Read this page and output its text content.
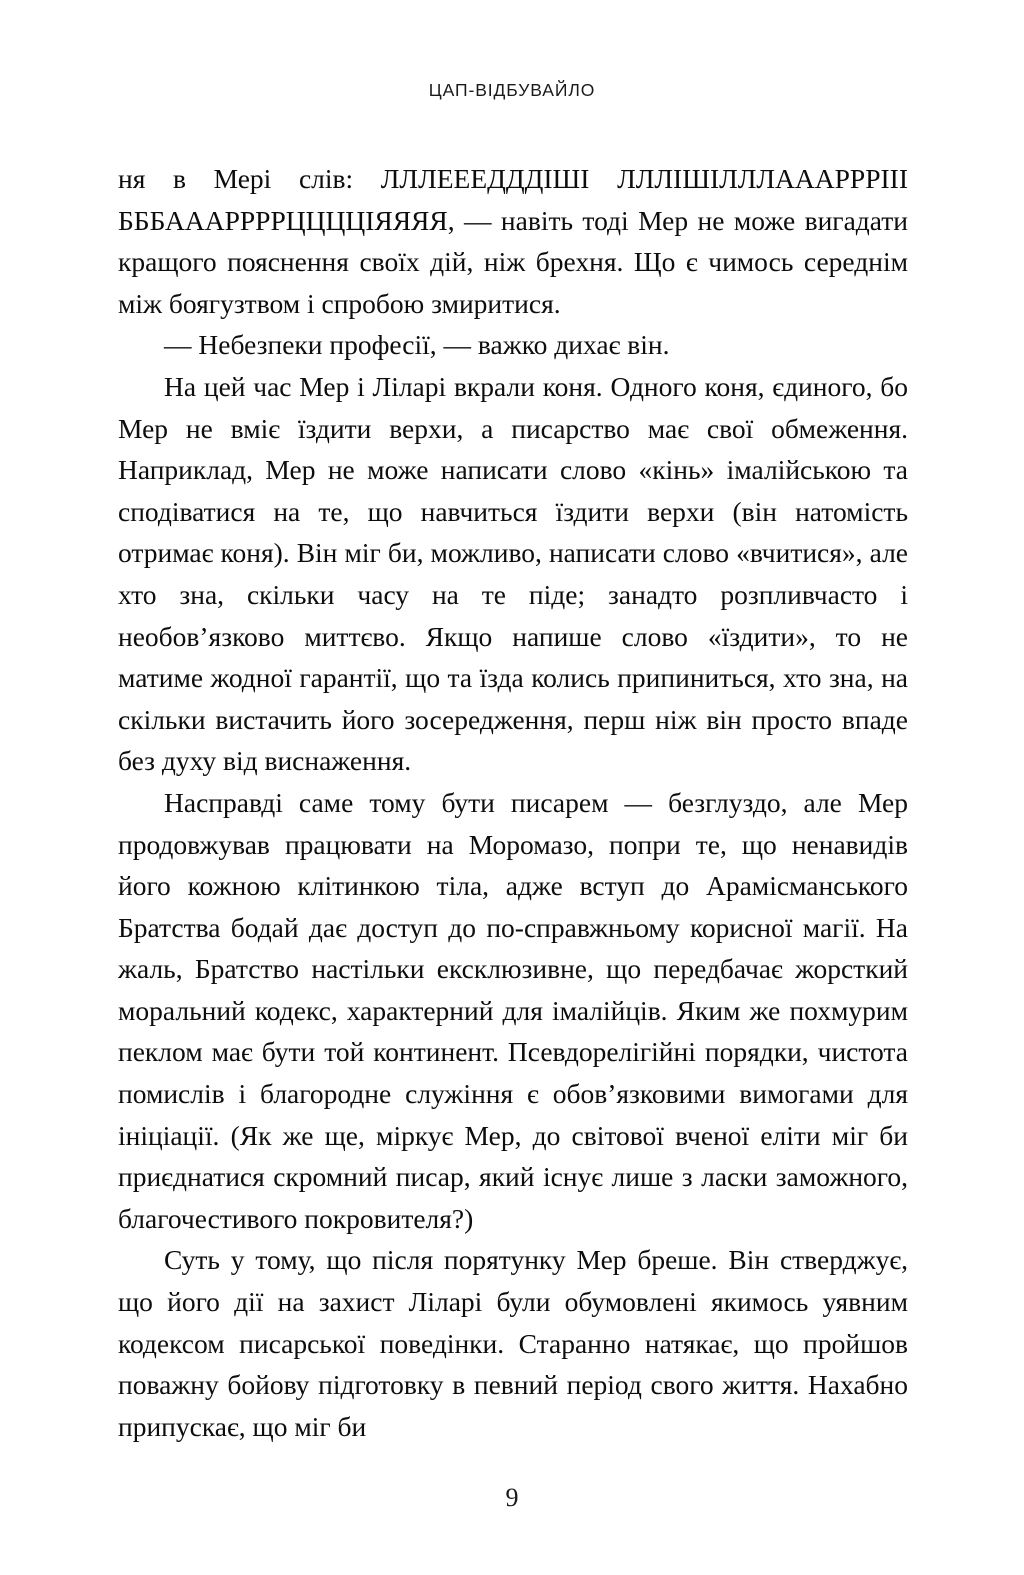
ЦАП-ВІДБУВАЙЛО

ня в Мері слів: ЛЛЛЕЕЕДДДІШІ ЛЛЛІШІЛЛЛАААРРРІІІ БББАААРРРРЦЦЦЦІЯЯЯЯ, — навіть тоді Мер не може вигадати кращого пояснення своїх дій, ніж брехня. Що є чимось середнім між боягузтвом і спробою змиритися.

— Небезпеки професії, — важко дихає він.

На цей час Мер і Ліларі вкрали коня. Одного коня, єдиного, бо Мер не вміє їздити верхи, а писарство має свої обмеження. Наприклад, Мер не може написати слово «кінь» імалійською та сподіватися на те, що навчиться їздити верхи (він натомість отримає коня). Він міг би, можливо, написати слово «вчитися», але хто зна, скільки часу на те піде; занадто розпливчасто і необов’язково миттєво. Якщо напише слово «їздити», то не матиме жодної гарантії, що та їзда колись припиниться, хто зна, на скільки вистачить його зосередження, перш ніж він просто впаде без духу від виснаження.

Насправді саме тому бути писарем — безглуздо, але Мер продовжував працювати на Моромазо, попри те, що ненавидів його кожною клітинкою тіла, адже вступ до Арамісманського Братства бодай дає доступ до по-справжньому корисної магії. На жаль, Братство настільки ексклюзивне, що передбачає жорсткий моральний кодекс, характерний для імалійців. Яким же похмурим пеклом має бути той континент. Псевдорелігійні порядки, чистота помислів і благородне служіння є обов’язковими вимогами для ініціації. (Як же ще, міркує Мер, до світової вченої еліти міг би приєднатися скромний писар, який існує лише з ласки заможного, благочестивого покровителя?)

Суть у тому, що після порятунку Мер бреше. Він стверджує, що його дії на захист Ліларі були обумовлені якимось уявним кодексом писарської поведінки. Старанно натякає, що пройшов поважну бойову підготовку в певний період свого життя. Нахабно припускає, що міг би

9
